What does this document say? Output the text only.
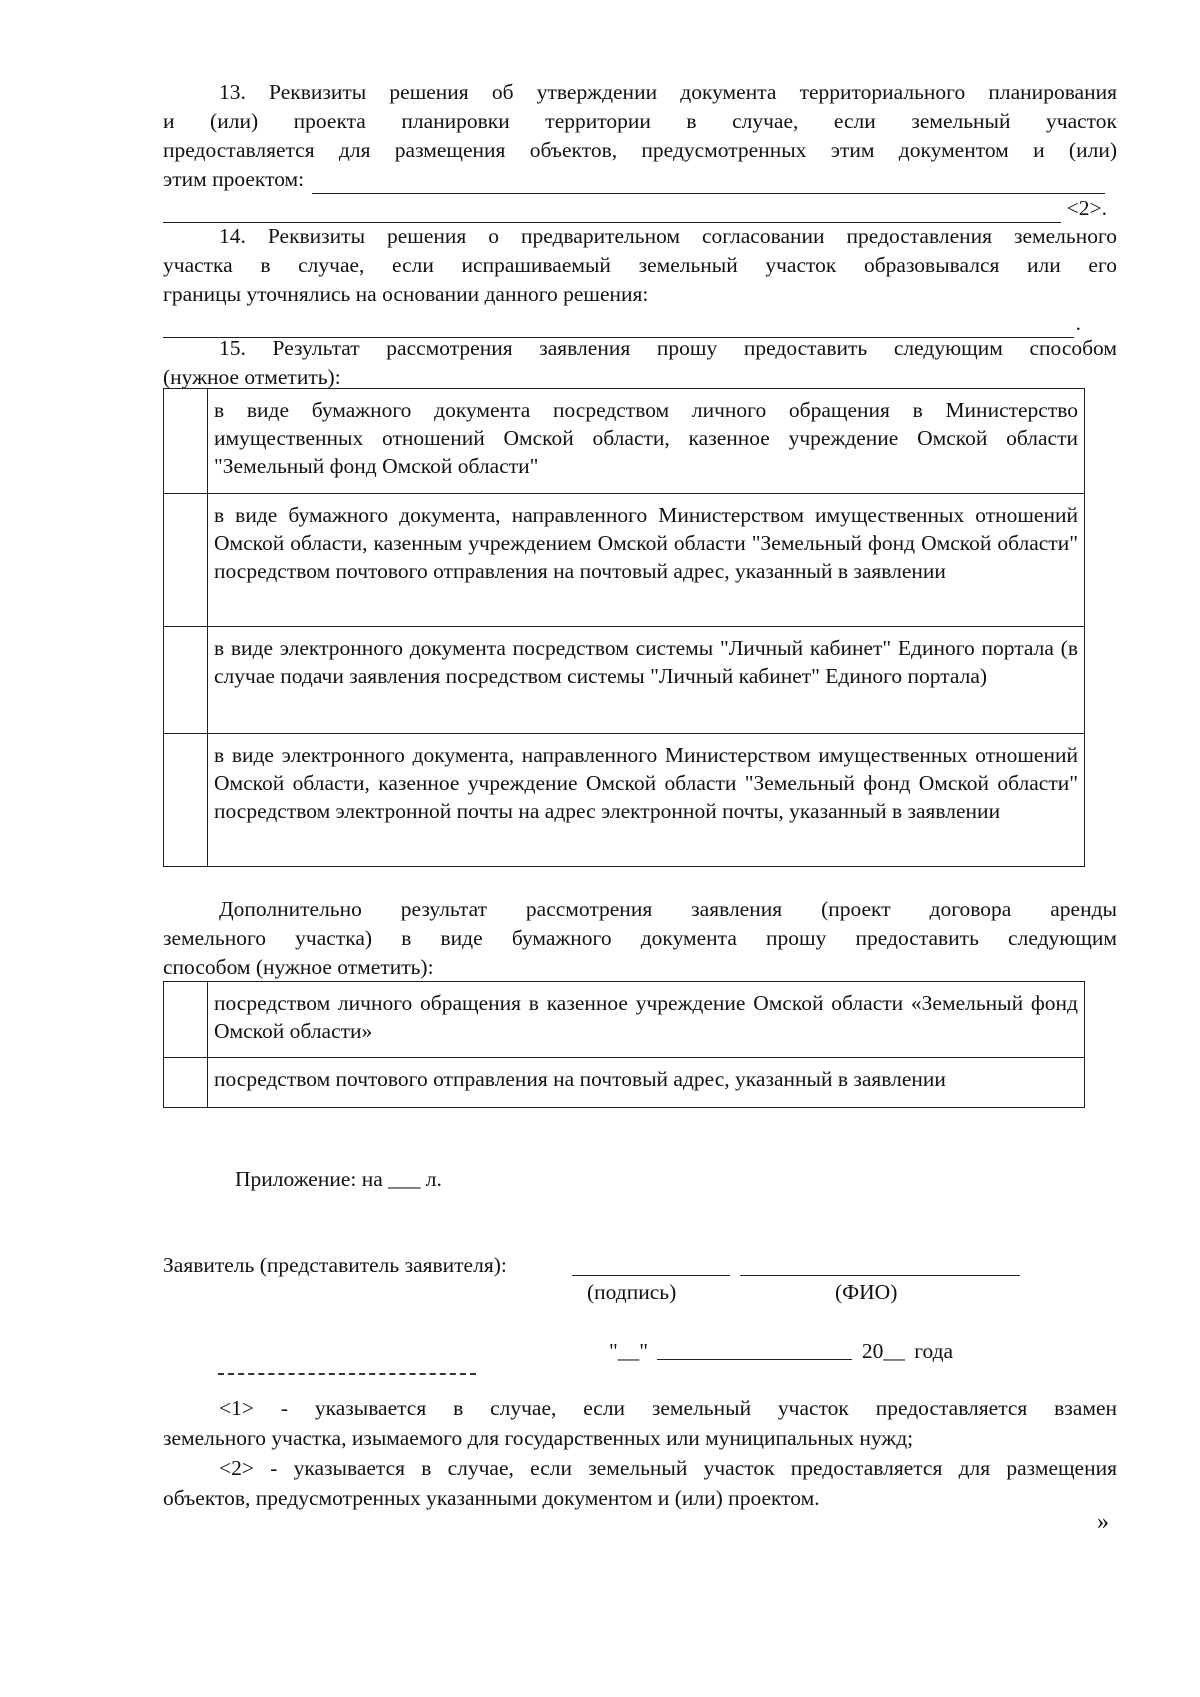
13. Реквизиты решения об утверждении документа территориального планирования
и (или) проекта планировки территории в случае, если земельный участок
предоставляется для размещения объектов, предусмотренных этим документом и (или)
этим проектом:
<2>.
14. Реквизиты решения о предварительном согласовании предоставления земельного
участка в случае, если испрашиваемый земельный участок образовывался или его
границы уточнялись на основании данного решения:
.
15. Результат рассмотрения заявления прошу предоставить следующим способом
(нужное отметить):
	в виде бумажного документа посредством личного обращения в Министерство имущественных отношений Омской области, казенное учреждение Омской области "Земельный фонд Омской области"
	в виде бумажного документа, направленного Министерством имущественных отношений Омской области, казенным учреждением Омской области "Земельный фонд Омской области" посредством почтового отправления на почтовый адрес, указанный в заявлении
	в виде электронного документа посредством системы "Личный кабинет" Единого портала (в случае подачи заявления посредством системы "Личный кабинет" Единого портала)
	в виде электронного документа, направленного Министерством имущественных отношений Омской области, казенное учреждение Омской области "Земельный фонд Омской области" посредством электронной почты на адрес электронной почты, указанный в заявлении
Дополнительно результат рассмотрения заявления (проект договора аренды
земельного участка) в виде бумажного документа прошу предоставить следующим
способом (нужное отметить):
	посредством личного обращения в казенное учреждение Омской области «Земельный фонд Омской области»
	посредством почтового отправления на почтовый адрес, указанный в заявлении
Приложение: на ___ л.
Заявитель (представитель заявителя):
(подпись)	(ФИО)
"__"	20__ года
<1> - указывается в случае, если земельный участок предоставляется взамен
земельного участка, изымаемого для государственных или муниципальных нужд;
<2> - указывается в случае, если земельный участок предоставляется для размещения
объектов, предусмотренных указанными документом и (или) проектом.
»
